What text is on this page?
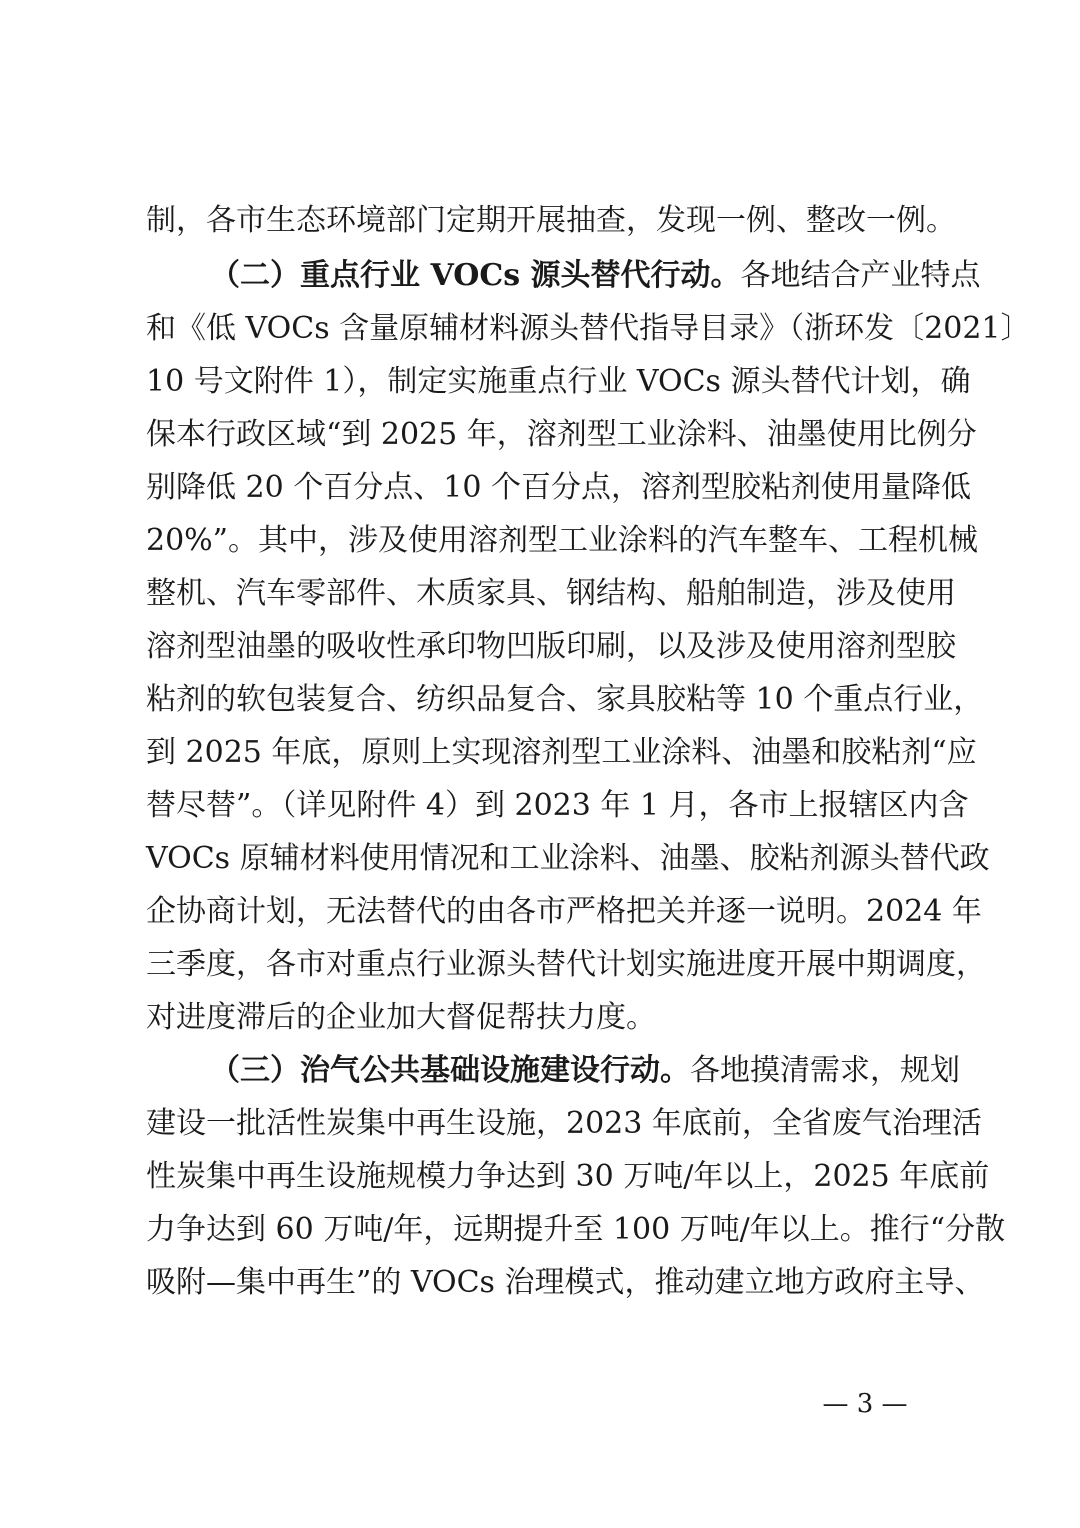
制，各市生态环境部门定期开展抽查，发现一例、整改一例。
（二）重点行业 VOCs 源头替代行动。各地结合产业特点
和《低 VOCs 含量原辅材料源头替代指导目录》（浙环发〔2021〕
10 号文附件 1），制定实施重点行业 VOCs 源头替代计划，确
保本行政区域“到 2025 年，溶剂型工业涂料、油墨使用比例分
别降低 20 个百分点、10 个百分点，溶剂型胶粘剂使用量降低
20%”。其中，涉及使用溶剂型工业涂料的汽车整车、工程机械
整机、汽车零部件、木质家具、钢结构、船舶制造，涉及使用
溶剂型油墨的吸收性承印物凹版印刷，以及涉及使用溶剂型胶
粘剂的软包装复合、纺织品复合、家具胶粘等 10 个重点行业，
到 2025 年底，原则上实现溶剂型工业涂料、油墨和胶粘剂“应
替尽替”。（详见附件 4）到 2023 年 1 月，各市上报辖区内含
VOCs 原辅材料使用情况和工业涂料、油墨、胶粘剂源头替代政
企协商计划，无法替代的由各市严格把关并逐一说明。2024 年
三季度，各市对重点行业源头替代计划实施进度开展中期调度，
对进度滞后的企业加大督促帮扶力度。
（三）治气公共基础设施建设行动。各地摸清需求，规划
建设一批活性炭集中再生设施，2023 年底前，全省废气治理活
性炭集中再生设施规模力争达到 30 万吨/年以上，2025 年底前
力争达到 60 万吨/年，远期提升至 100 万吨/年以上。推行“分散
吸附—集中再生”的 VOCs 治理模式，推动建立地方政府主导、
— 3 —
